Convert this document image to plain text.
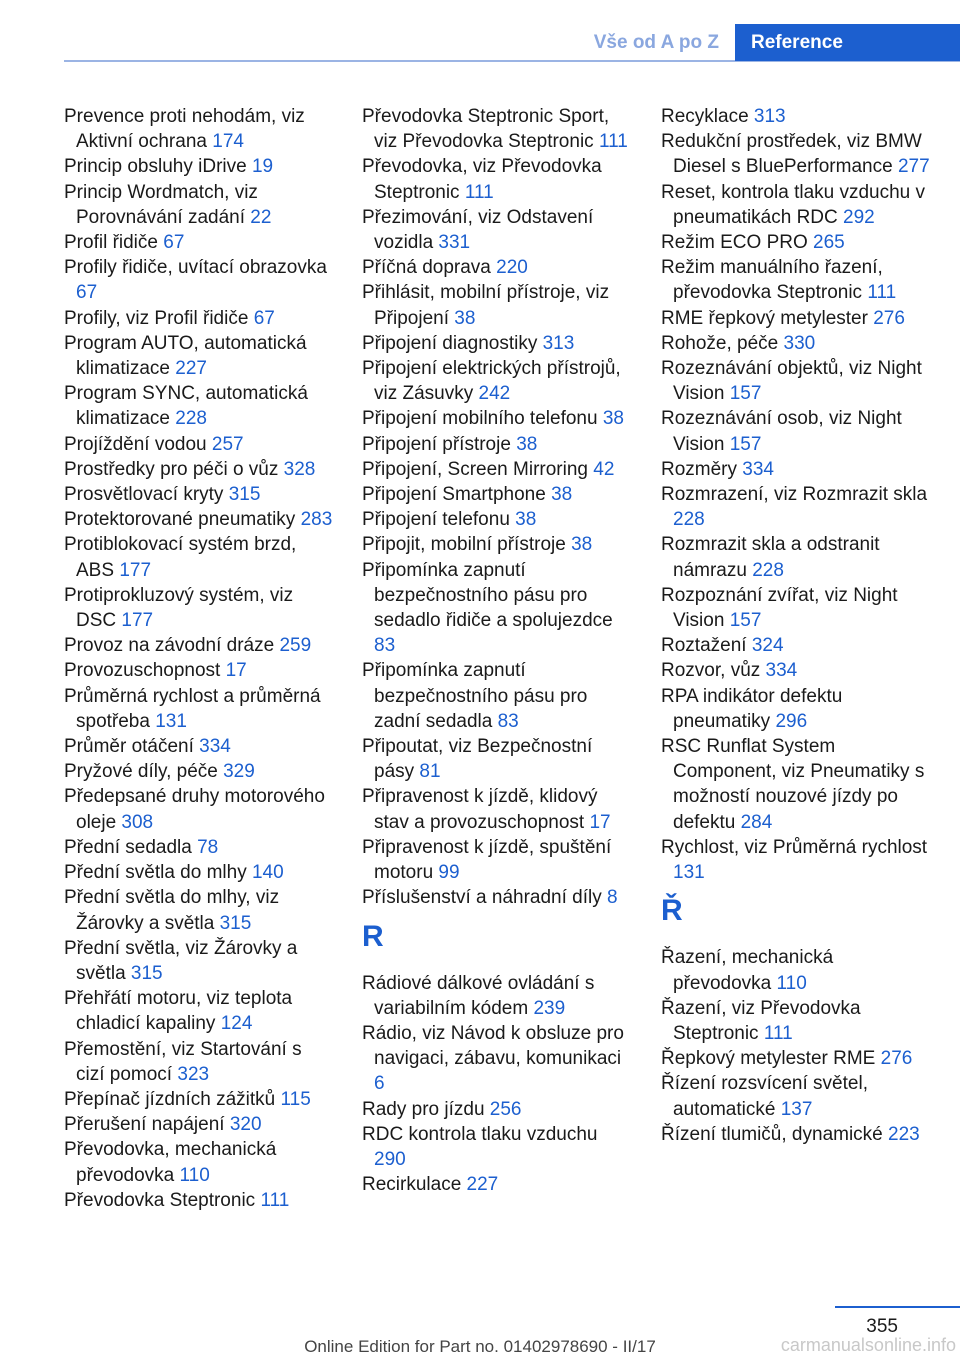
Vše od A po Z	Reference
Prevence proti nehodám, viz Aktivní ochrana 174
Princip obsluhy iDrive 19
Princip Wordmatch, viz Porovnávání zadání 22
Profil řidiče 67
Profily řidiče, uvítací obrazovka 67
Profily, viz Profil řidiče 67
Program AUTO, automatická klimatizace 227
Program SYNC, automatická klimatizace 228
Projíždění vodou 257
Prostředky pro péči o vůz 328
Prosvětlovací kryty 315
Protektorované pneumatiky 283
Protiblokovací systém brzd, ABS 177
Protiprokluzový systém, viz DSC 177
Provoz na závodní dráze 259
Provozuschopnost 17
Průměrná rychlost a průměrná spotřeba 131
Průměr otáčení 334
Pryžové díly, péče 329
Předepsané druhy motorového oleje 308
Přední sedadla 78
Přední světla do mlhy 140
Přední světla do mlhy, viz Žárovky a světla 315
Přední světla, viz Žárovky a světla 315
Přehřátí motoru, viz teplota chladicí kapaliny 124
Přemostění, viz Startování s cizí pomocí 323
Přepínač jízdních zážitků 115
Přerušení napájení 320
Převodovka, mechanická převodovka 110
Převodovka Steptronic 111
Převodovka Steptronic Sport, viz Převodovka Steptronic 111
Převodovka, viz Převodovka Steptronic 111
Přezimování, viz Odstavení vozidla 331
Příčná doprava 220
Přihlásit, mobilní přístroje, viz Připojení 38
Připojení diagnostiky 313
Připojení elektrických přístrojů, viz Zásuvky 242
Připojení mobilního telefonu 38
Připojení přístroje 38
Připojení, Screen Mirroring 42
Připojení Smartphone 38
Připojení telefonu 38
Připojit, mobilní přístroje 38
Připomínka zapnutí bezpečnostního pásu pro sedadlo řidiče a spolujezdce 83
Připomínka zapnutí bezpečnostního pásu pro zadní sedadla 83
Připoutat, viz Bezpečnostní pásy 81
Připravenost k jízdě, klidový stav a provozuschopnost 17
Připravenost k jízdě, spuštění motoru 99
Příslušenství a náhradní díly 8
R
Rádiové dálkové ovládání s variabilním kódem 239
Rádio, viz Návod k obsluze pro navigaci, zábavu, komunikaci 6
Rady pro jízdu 256
RDC kontrola tlaku vzduchu 290
Recirkulace 227
Recyklace 313
Redukční prostředek, viz BMW Diesel s BluePerformance 277
Reset, kontrola tlaku vzduchu v pneumatikách RDC 292
Režim ECO PRO 265
Režim manuálního řazení, převodovka Steptronic 111
RME řepkový metylester 276
Rohože, péče 330
Rozeznávání objektů, viz Night Vision 157
Rozeznávání osob, viz Night Vision 157
Rozměry 334
Rozmrazení, viz Rozmrazit skla 228
Rozmrazit skla a odstranit námrazu 228
Rozpoznání zvířat, viz Night Vision 157
Roztažení 324
Rozvor, vůz 334
RPA indikátor defektu pneumatiky 296
RSC Runflat System Component, viz Pneumatiky s možností nouzové jízdy po defektu 284
Rychlost, viz Průměrná rychlost 131
Ř
Řazení, mechanická převodovka 110
Řazení, viz Převodovka Steptronic 111
Řepkový metylester RME 276
Řízení rozsvícení světel, automatické 137
Řízení tlumičů, dynamické 223
355
Online Edition for Part no. 01402978690 - II/17	carmanualsonline.info
